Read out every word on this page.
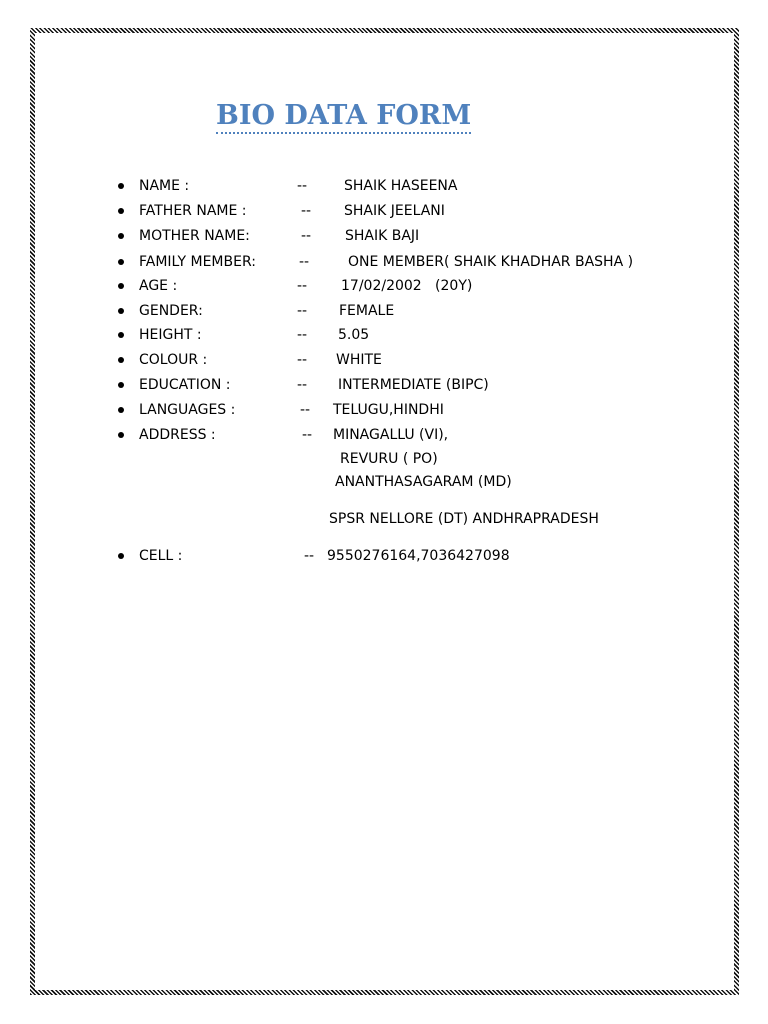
BIO DATA FORM
NAME :	--	SHAIK HASEENA
FATHER NAME :	-- SHAIK JEELANI
MOTHER NAME:	-- SHAIK BAJI
FAMILY MEMBER:	--	ONE MEMBER( SHAIK KHADHAR BASHA )
AGE :	-- 17/02/2002   (20Y)
GENDER:	-- FEMALE
HEIGHT :	-- 5.05
COLOUR :	-- WHITE
EDUCATION :	-- INTERMEDIATE (BIPC)
LANGUAGES :	-- TELUGU,HINDHI
ADDRESS :	-- MINAGALLU (VI),
REVURU ( PO)
ANANTHASAGARAM (MD)
SPSR NELLORE (DT) ANDHRAPRADESH
CELL :	-- 9550276164,7036427098
